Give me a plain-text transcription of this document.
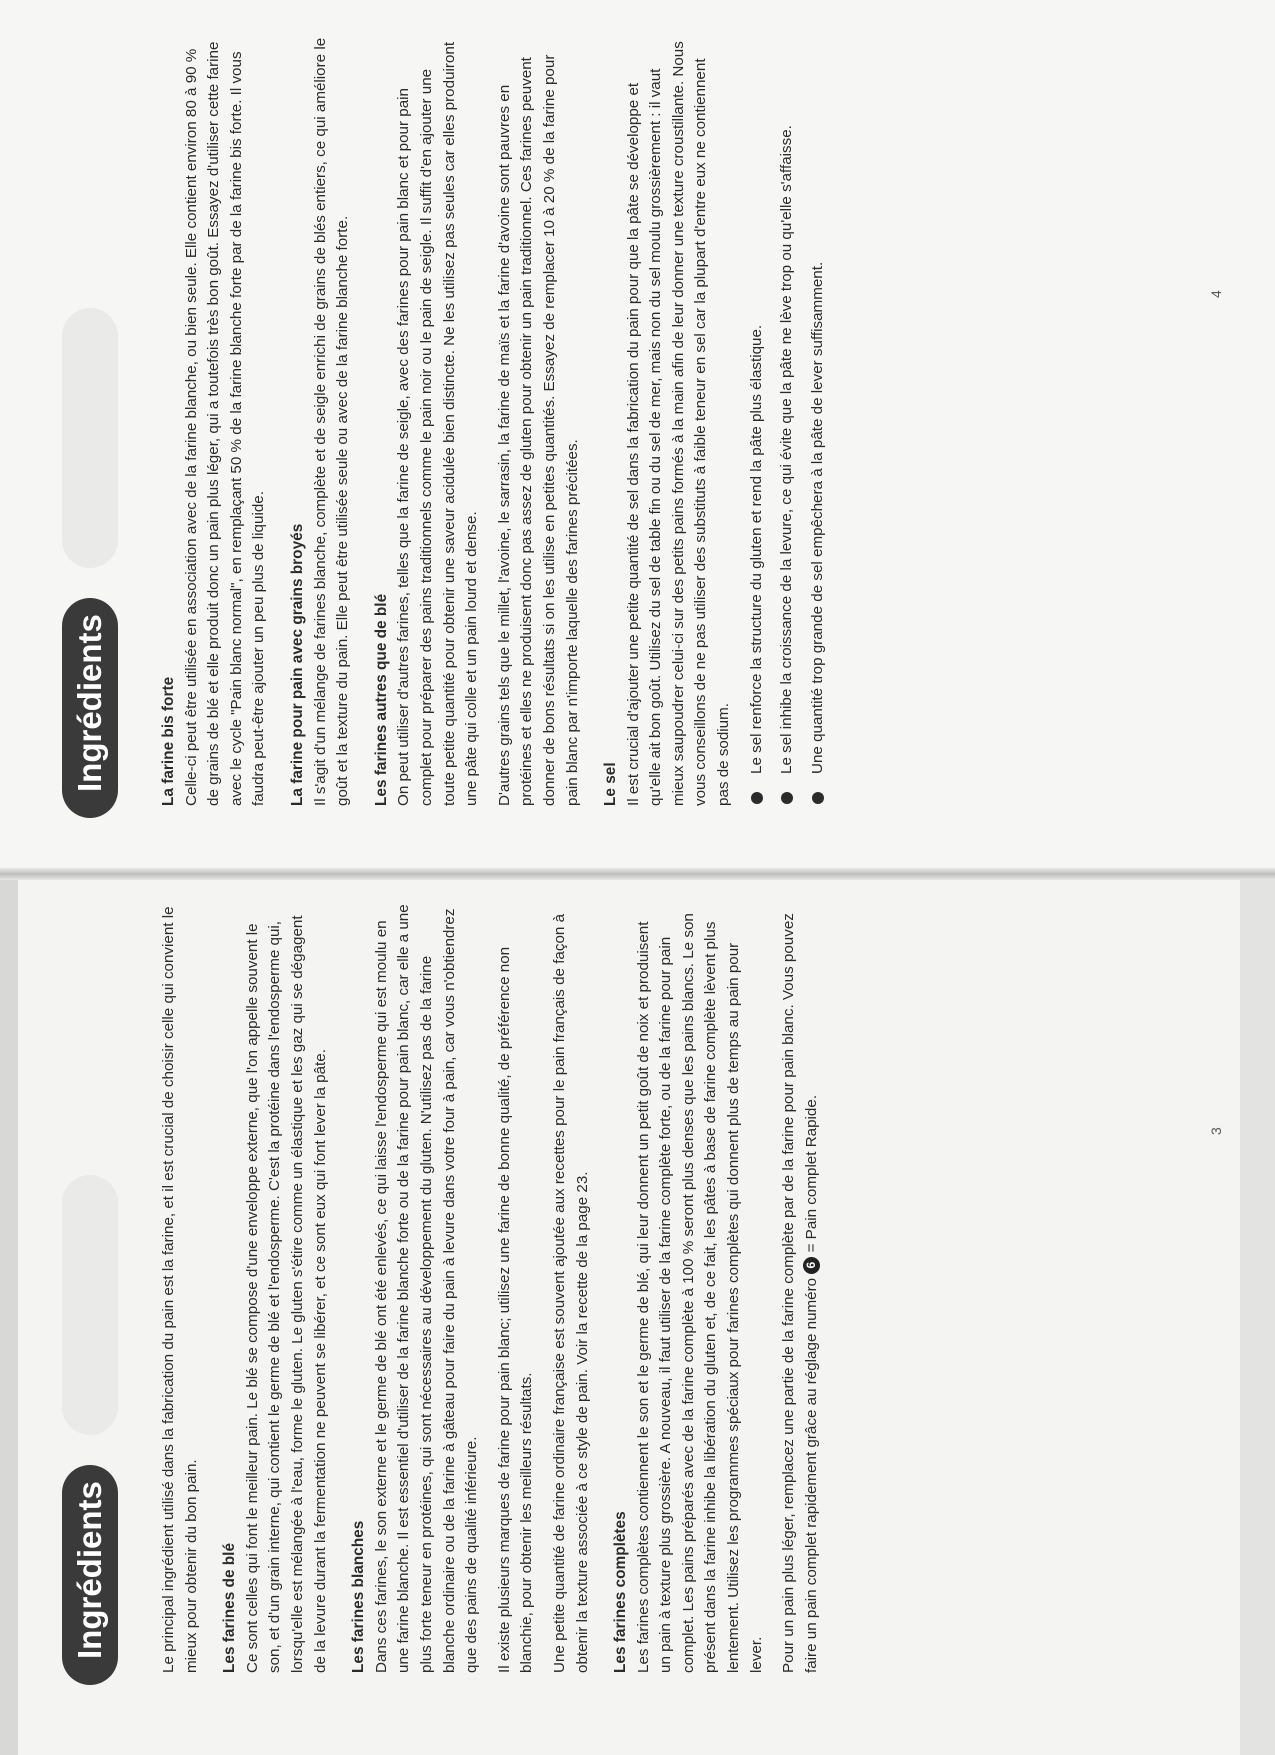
Ingrédients	Le principal ingrédient utilisé dans la fabrication du pain est la farine, et il est crucial de choisir celle qui convient le mieux pour obtenir du bon pain. Les farines de blé Ce sont celles qui font le meilleur pain. Le blé se compose d'une enveloppe externe, que l'on appelle souvent le son, et d'un grain interne, qui contient le germe de blé et l'endosperme. C'est la protéine dans l'endosperme qui, lorsqu'elle est mélangée à l'eau, forme le gluten. Le gluten s'étire comme un élastique et les gaz qui se dégagent de la levure durant la fermentation ne peuvent se libérer, et ce sont eux qui font lever la pâte. Les farines blanches Dans ces farines, le son externe et le germe de blé ont été enlevés, ce qui laisse l'endosperme qui est moulu en une farine blanche. Il est essentiel d'utiliser de la farine blanche forte ou de la farine pour pain blanc, car elle a une plus forte teneur en protéines, qui sont nécessaires au développement du gluten. N'utilisez pas de la farine blanche ordinaire ou de la farine à gâteau pour faire du pain à levure dans votre four à pain, car vous n'obtiendrez que des pains de qualité inférieure. Il existe plusieurs marques de farine pour pain blanc; utilisez une farine de bonne qualité, de préférence non blanchie, pour obtenir les meilleurs résultats. Une petite quantité de farine ordinaire française est souvent ajoutée aux recettes pour le pain français de façon à obtenir la texture associée à ce style de pain. Voir la recette de la page 23. Les farines complètes Les farines complètes contiennent le son et le germe de blé, qui leur donnent un petit goût de noix et produisent un pain à texture plus grossière. A nouveau, il faut utiliser de la farine complète forte, ou de la farine pour pain complet. Les pains préparés avec de la farine complète à 100 % seront plus denses que les pains blancs. Le son présent dans la farine inhibe la libération du gluten et, de ce fait, les pâtes à base de farine complète lèvent plus lentement. Utilisez les programmes spéciaux pour farines complètes qui donnent plus de temps au pain pour lever. Pour un pain plus léger, remplacez une partie de la farine complète par de la farine pour pain blanc. Vous pouvez faire un pain complet rapidement grâce au réglage numéro 6 = Pain complet Rapide.	3
Ingrédients	La farine bis forte Celle-ci peut être utilisée en association avec de la farine blanche, ou bien seule. Elle contient environ 80 à 90 % de grains de blé et elle produit donc un pain plus léger, qui a toutefois très bon goût. Essayez d'utiliser cette farine avec le cycle "Pain blanc normal", en remplaçant 50 % de la farine blanche forte par de la farine bis forte. Il vous faudra peut-être ajouter un peu plus de liquide. La farine pour pain avec grains broyés Il s'agit d'un mélange de farines blanche, complète et de seigle enrichi de grains de blés entiers, ce qui améliore le goût et la texture du pain. Elle peut être utilisée seule ou avec de la farine blanche forte. Les farines autres que de blé On peut utiliser d'autres farines, telles que la farine de seigle, avec des farines pour pain blanc et pour pain complet pour préparer des pains traditionnels comme le pain noir ou le pain de seigle. Il suffit d'en ajouter une toute petite quantité pour obtenir une saveur acidulée bien distincte. Ne les utilisez pas seules car elles produiront une pâte qui colle et un pain lourd et dense. D'autres grains tels que le millet, l'avoine, le sarrasin, la farine de maïs et la farine d'avoine sont pauvres en protéines et elles ne produisent donc pas assez de gluten pour obtenir un pain traditionnel. Ces farines peuvent donner de bons résultats si on les utilise en petites quantités. Essayez de remplacer 10 à 20 % de la farine pour pain blanc par n'importe laquelle des farines précitées. Le sel Il est crucial d'ajouter une petite quantité de sel dans la fabrication du pain pour que la pâte se développe et qu'elle ait bon goût. Utilisez du sel de table fin ou du sel de mer, mais non du sel moulu grossièrement : il vaut mieux saupoudrer celui-ci sur des petits pains formés à la main afin de leur donner une texture croustillante. Nous vous conseillons de ne pas utiliser des substituts à faible teneur en sel car la plupart d'entre eux ne contiennent pas de sodium. Le sel renforce la structure du gluten et rend la pâte plus élastique. Le sel inhibe la croissance de la levure, ce qui évite que la pâte ne lève trop ou qu'elle s'affaisse. Une quantité trop grande de sel empêchera à la pâte de lever suffisamment.	4
